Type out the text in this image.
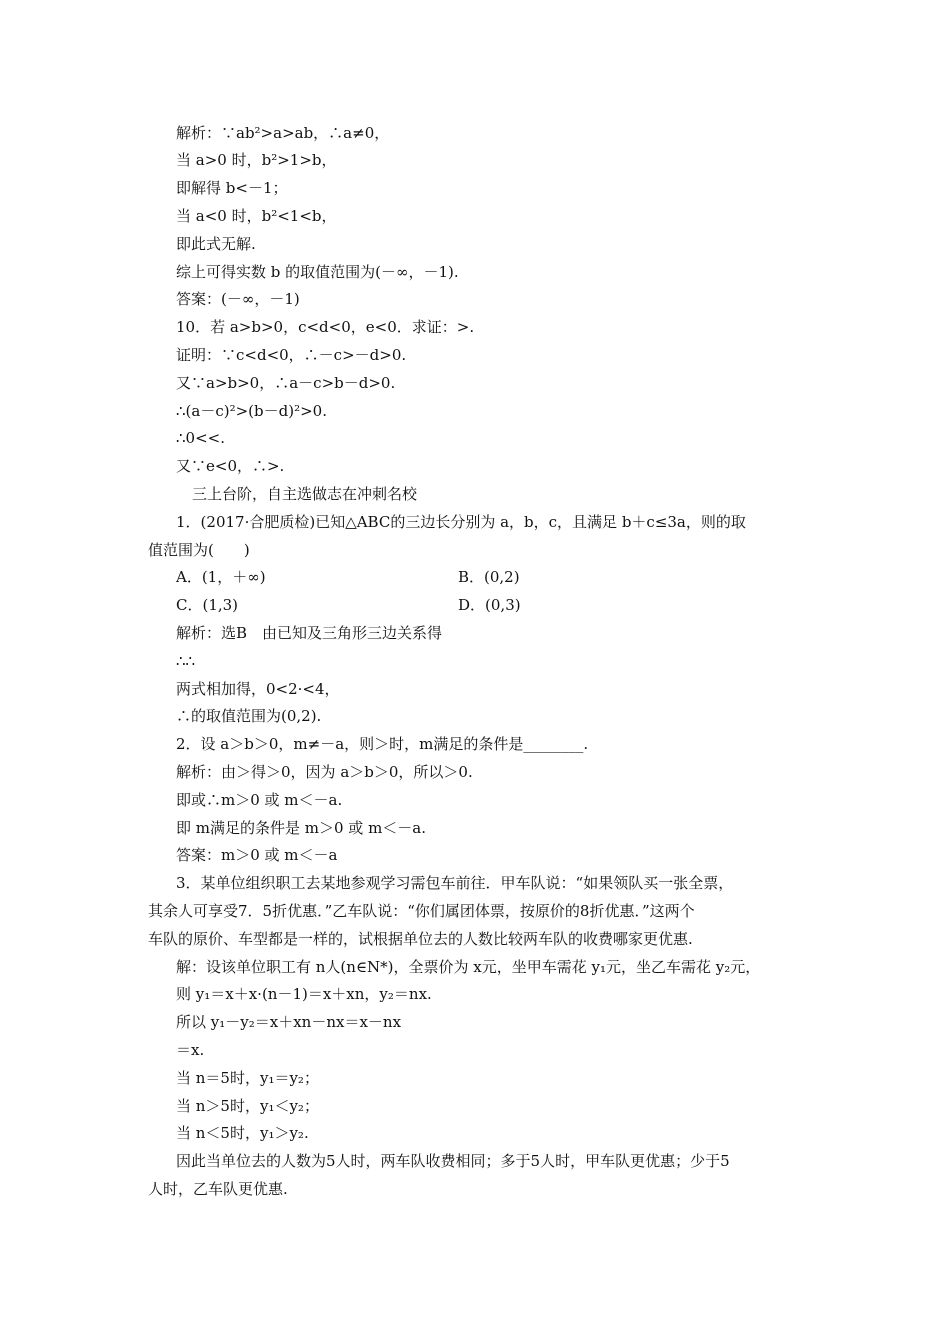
解析：∵ab²>a>ab，∴a≠0，
当 a>0 时，b²>1>b，
即解得 b<－1；
当 a<0 时，b²<1<b，
即此式无解.
综上可得实数 b 的取值范围为(－∞，－1).
答案：(－∞，－1)
10．若 a>b>0，c<d<0，e<0．求证：>.
证明：∵c<d<0，∴－c>－d>0.
又∵a>b>0，∴a－c>b－d>0.
∴(a－c)²>(b－d)²>0.
∴0<<.
又∵e<0，∴>.
三上台阶，自主选做志在冲刺名校
1．(2017·合肥质检)已知△ABC的三边长分别为 a，b，c，且满足 b＋c≤3a，则的取
值范围为(　　)
A．(1，＋∞)	B．(0,2)
C．(1,3)	D．(0,3)
解析：选B　由已知及三角形三边关系得
∴∴
两式相加得，0<2·<4，
∴的取值范围为(0,2).
2．设 a＞b＞0，m≠－a，则＞时，m满足的条件是________.
解析：由＞得＞0，因为 a＞b＞0，所以＞0.
即或∴m＞0 或 m＜－a.
即 m满足的条件是 m＞0 或 m＜－a.
答案：m＞0 或 m＜－a
3．某单位组织职工去某地参观学习需包车前往．甲车队说：“如果领队买一张全票，
其余人可享受7．5折优惠．”乙车队说：“你们属团体票，按原价的8折优惠．”这两个
车队的原价、车型都是一样的，试根据单位去的人数比较两车队的收费哪家更优惠.
解：设该单位职工有 n人(n∈N*)，全票价为 x元，坐甲车需花 y₁元，坐乙车需花 y₂元，
则 y₁＝x＋x·(n－1)＝x＋xn，y₂＝nx.
所以 y₁－y₂＝x＋xn－nx＝x－nx
＝x.
当 n＝5时，y₁＝y₂；
当 n＞5时，y₁＜y₂；
当 n＜5时，y₁＞y₂.
因此当单位去的人数为5人时，两车队收费相同；多于5人时，甲车队更优惠；少于5
人时，乙车队更优惠.
